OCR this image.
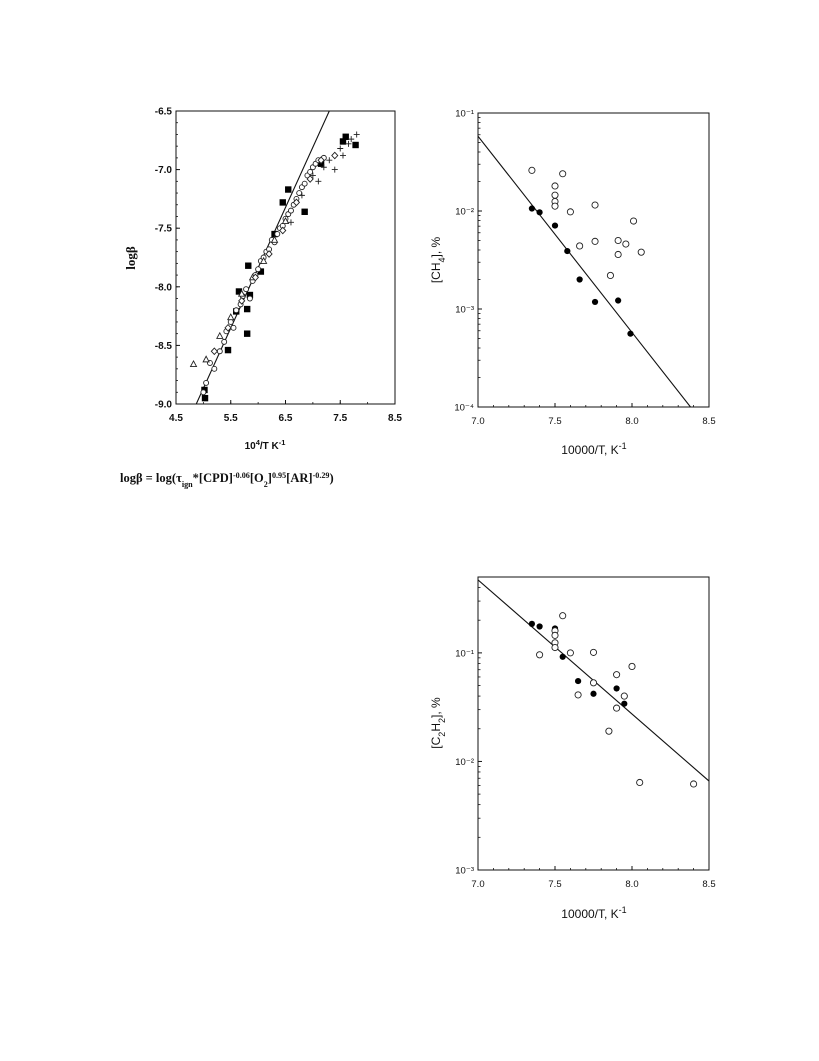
4.5	5.5	6.5	7.5	8.5
-6.5
-7.0
-7.5
-8.0
-8.5
-9.0
$10^4/T$ $K^{-1}$
logβ
7.0	7.5	8.0	8.5
10⁻¹
10⁻²
10⁻³
10⁻⁴
10000/T, $K^{-1}$
$[CH_4]$, %
7.0	7.5	8.0	8.5
10⁻¹
10⁻²
10⁻³
10000/T, $K^{-1}$
$[C_2H_2]$, %
$\log\beta = \log(\tau_{ign}*[CPD]^{-0.06}[O_2]^{0.95}[AR]^{-0.29})$
